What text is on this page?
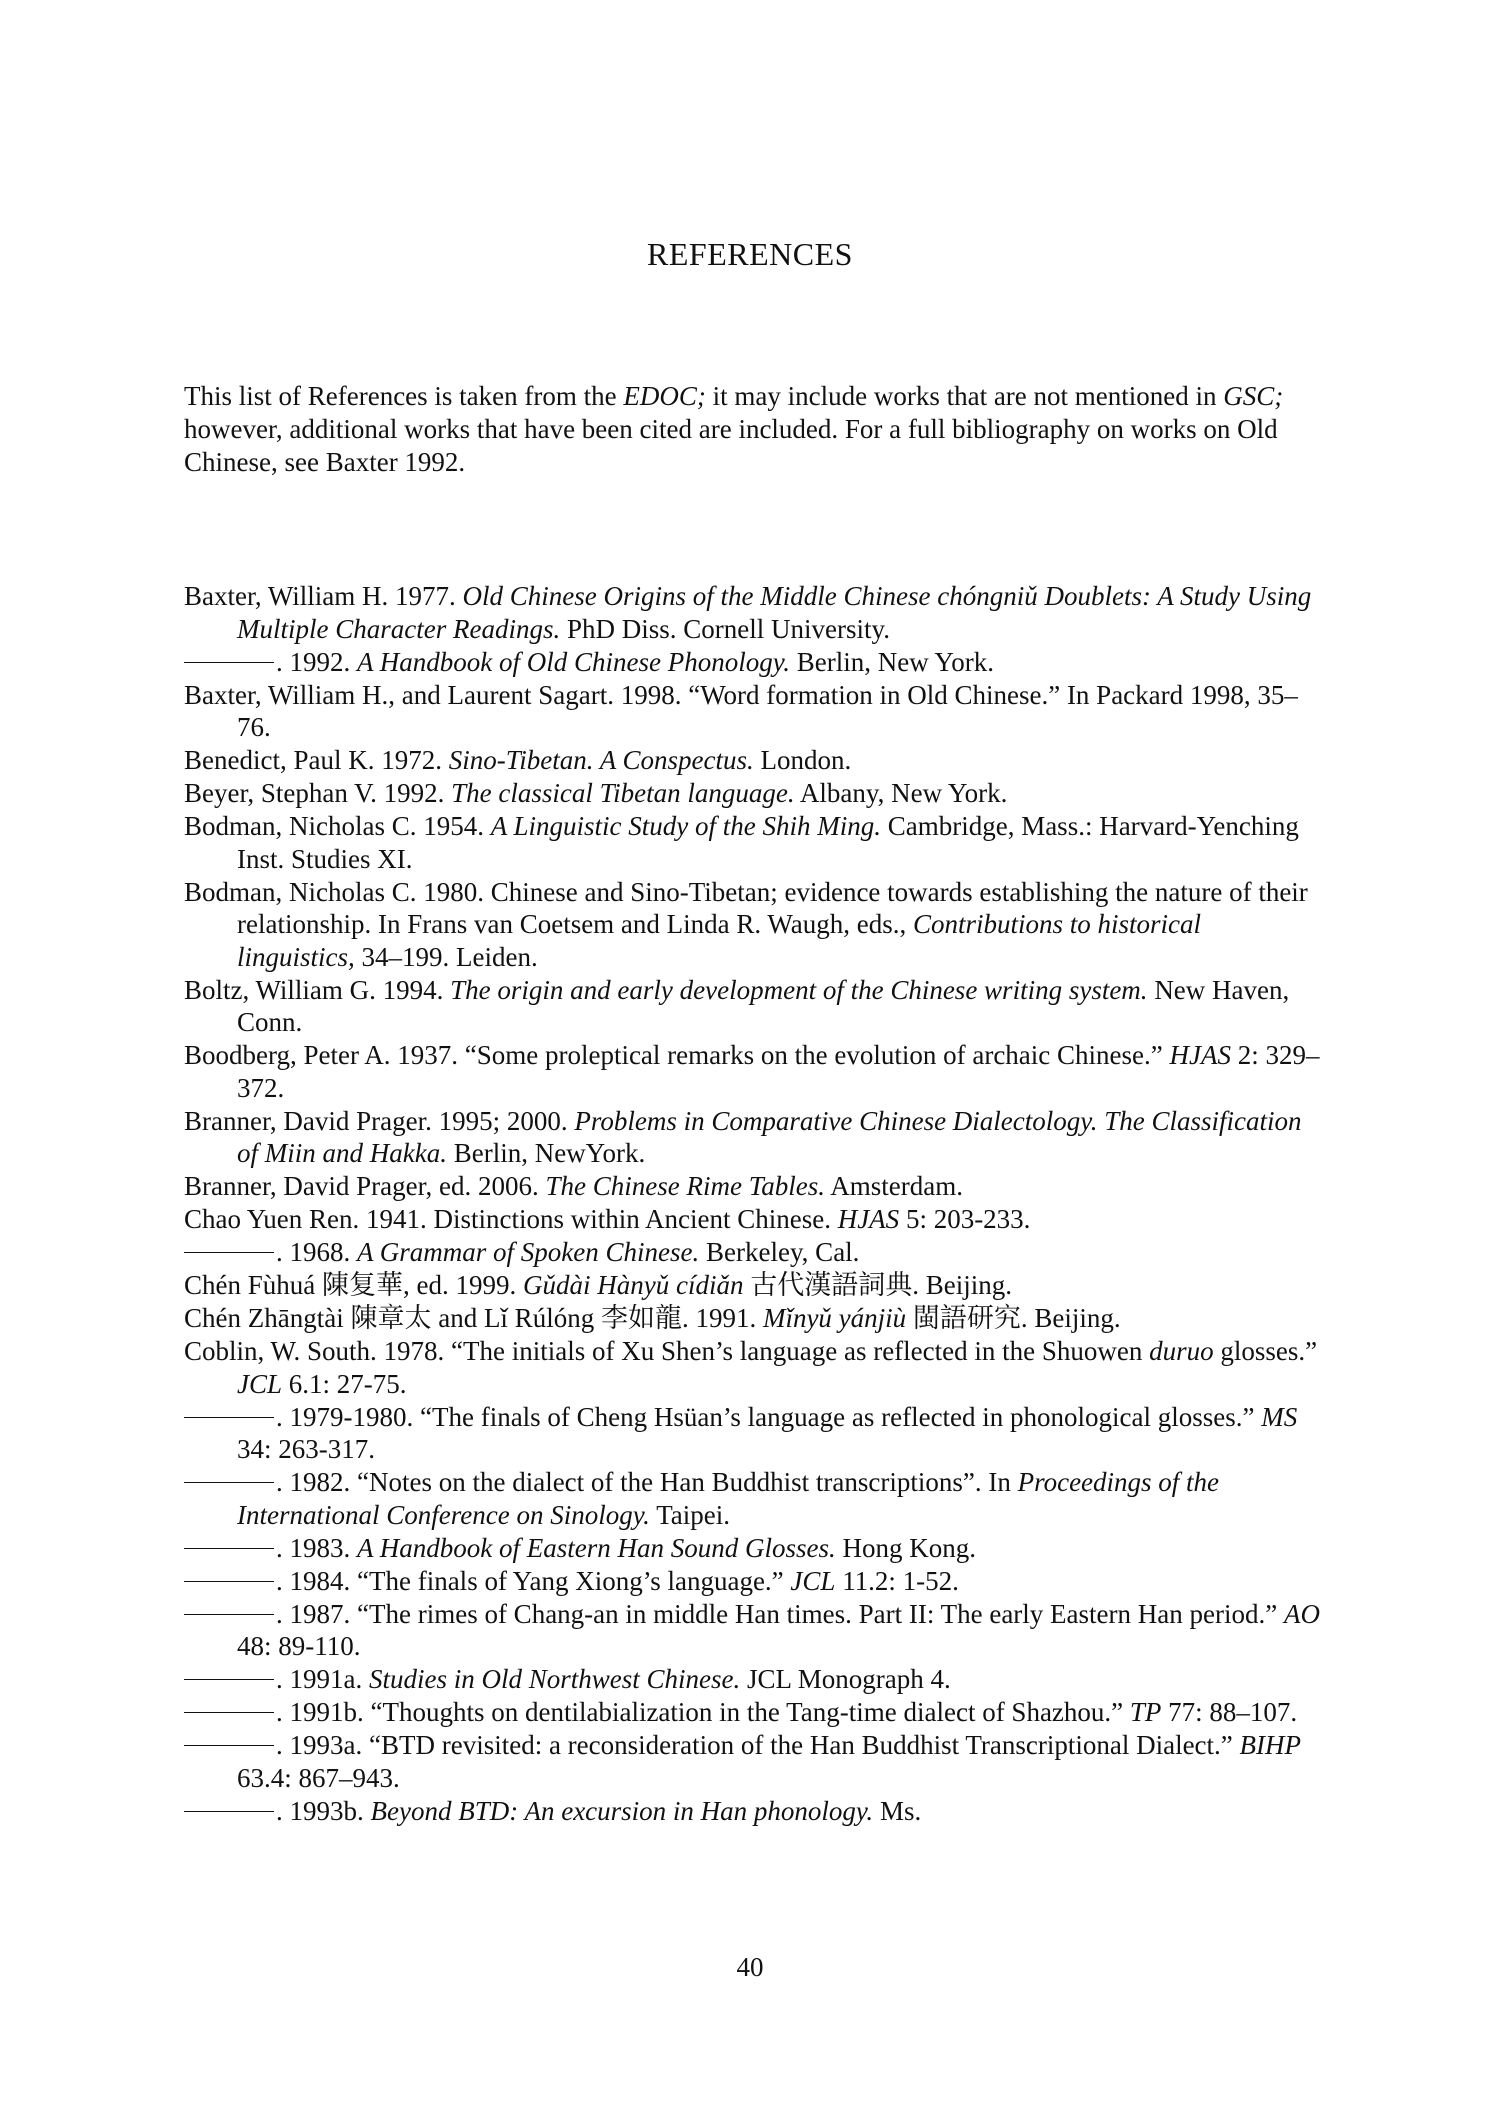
REFERENCES

This list of References is taken from the EDOC; it may include works that are not mentioned in GSC; however, additional works that have been cited are included. For a full bibliography on works on Old Chinese, see Baxter 1992.

Baxter, William H. 1977. Old Chinese Origins of the Middle Chinese chóngniǔ Doublets: A Study Using Multiple Character Readings. PhD Diss. Cornell University.
. 1992. A Handbook of Old Chinese Phonology. Berlin, New York.
Baxter, William H., and Laurent Sagart. 1998. “Word formation in Old Chinese.” In Packard 1998, 35–76.
Benedict, Paul K. 1972. Sino-Tibetan. A Conspectus. London.
Beyer, Stephan V. 1992. The classical Tibetan language. Albany, New York.
Bodman, Nicholas C. 1954. A Linguistic Study of the Shih Ming. Cambridge, Mass.: Harvard-Yenching Inst. Studies XI.
Bodman, Nicholas C. 1980. Chinese and Sino-Tibetan; evidence towards establishing the nature of their relationship. In Frans van Coetsem and Linda R. Waugh, eds., Contributions to historical linguistics, 34–199. Leiden.
Boltz, William G. 1994. The origin and early development of the Chinese writing system. New Haven, Conn.
Boodberg, Peter A. 1937. “Some proleptical remarks on the evolution of archaic Chinese.” HJAS 2: 329–372.
Branner, David Prager. 1995; 2000. Problems in Comparative Chinese Dialectology. The Classification of Miin and Hakka. Berlin, NewYork.
Branner, David Prager, ed. 2006. The Chinese Rime Tables. Amsterdam.
Chao Yuen Ren. 1941. Distinctions within Ancient Chinese. HJAS 5: 203-233.
. 1968. A Grammar of Spoken Chinese. Berkeley, Cal.
Chén Fùhuá 陳复華, ed. 1999. Gǔdài Hànyǔ cídiǎn 古代漢語詞典. Beijing.
Chén Zhāngtài 陳章太 and Lǐ Rúlóng 李如龍. 1991. Mǐnyǔ yánjiù 閩語研究. Beijing.
Coblin, W. South. 1978. “The initials of Xu Shen’s language as reflected in the Shuowen duruo glosses.” JCL 6.1: 27-75.
. 1979-1980. “The finals of Cheng Hsüan’s language as reflected in phonological glosses.” MS 34: 263-317.
. 1982. “Notes on the dialect of the Han Buddhist transcriptions”. In Proceedings of the International Conference on Sinology. Taipei.
. 1983. A Handbook of Eastern Han Sound Glosses. Hong Kong.
. 1984. “The finals of Yang Xiong’s language.” JCL 11.2: 1-52.
. 1987. “The rimes of Chang-an in middle Han times. Part II: The early Eastern Han period.” AO 48: 89-110.
. 1991a. Studies in Old Northwest Chinese. JCL Monograph 4.
. 1991b. “Thoughts on dentilabialization in the Tang-time dialect of Shazhou.” TP 77: 88–107.
. 1993a. “BTD revisited: a reconsideration of the Han Buddhist Transcriptional Dialect.” BIHP 63.4: 867–943.
. 1993b. Beyond BTD: An excursion in Han phonology. Ms.

40
